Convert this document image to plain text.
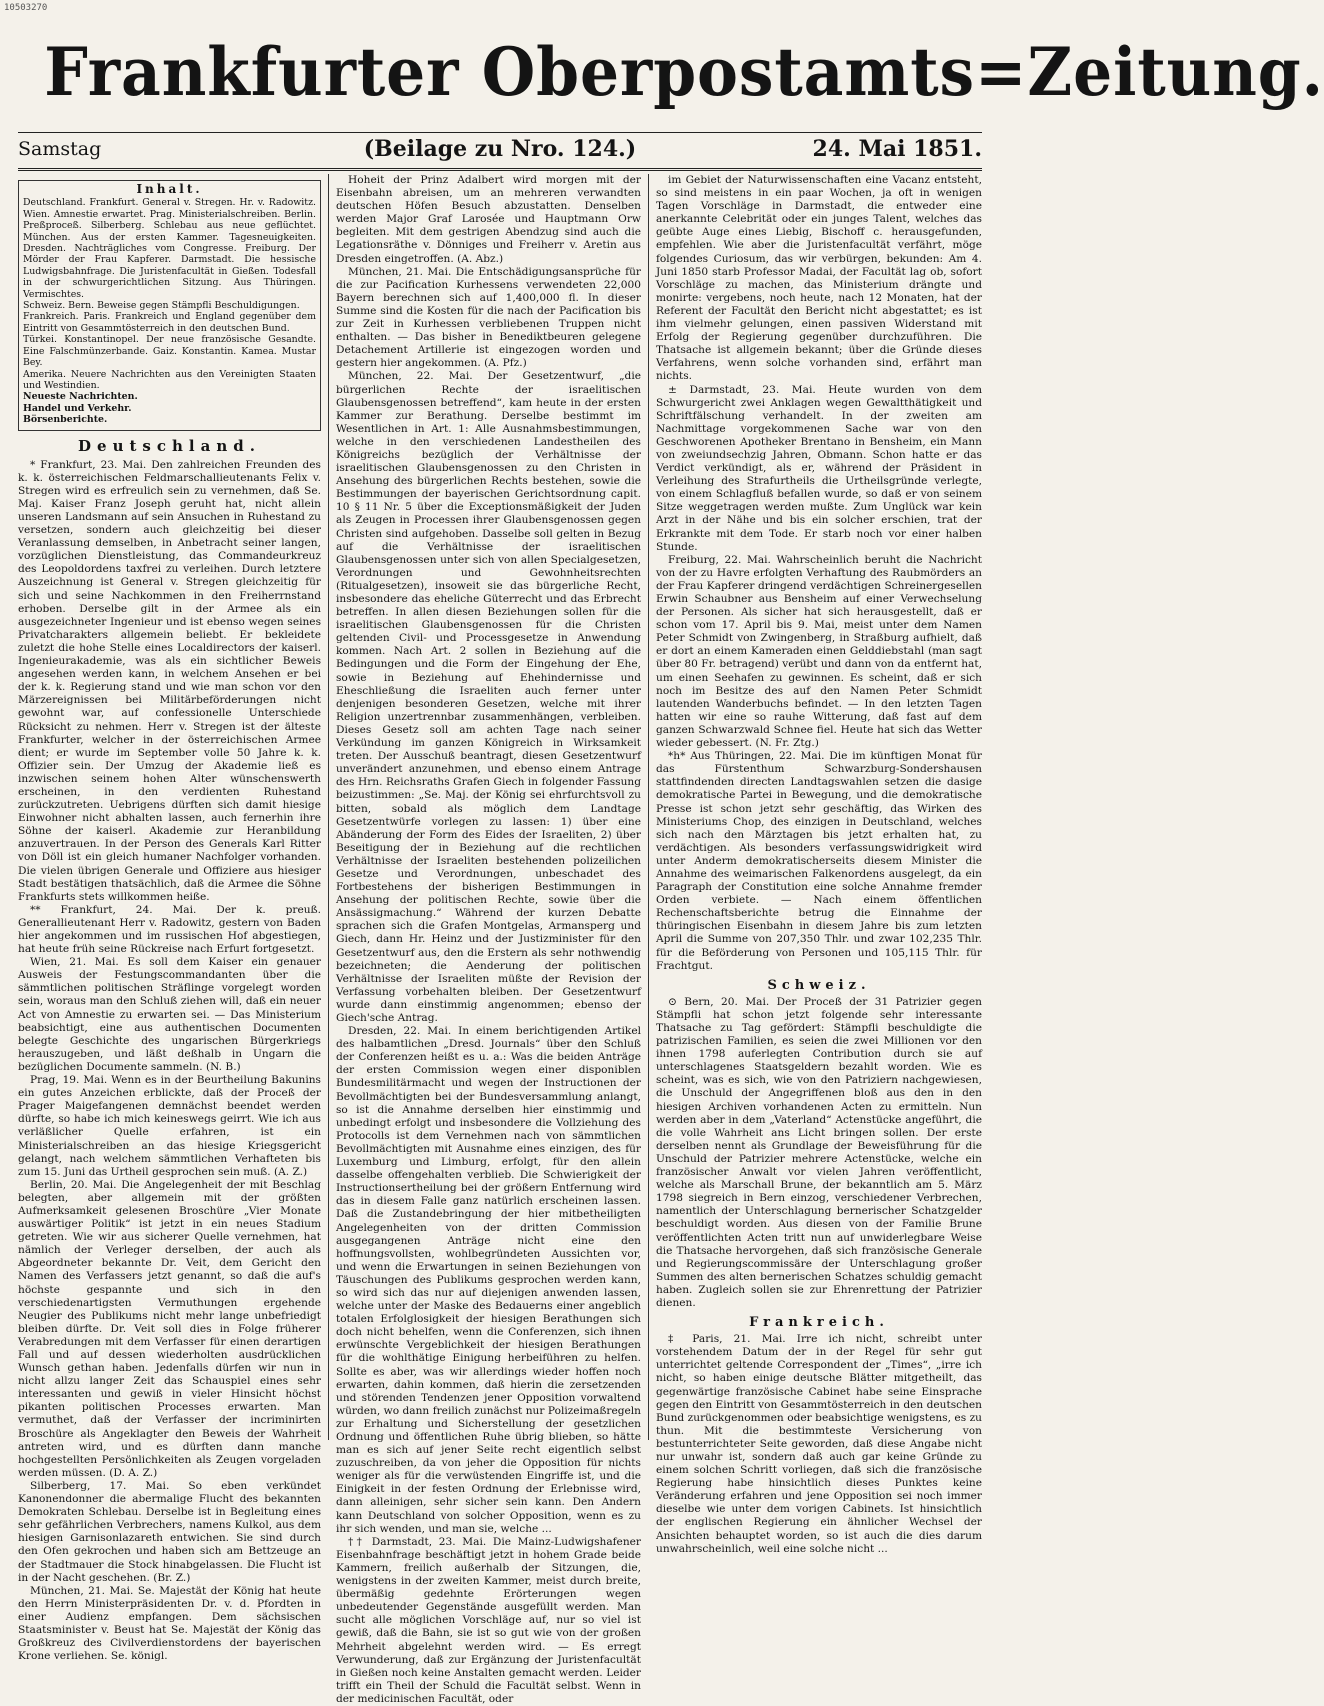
10503270
Frankfurter Oberpostamts=Zeitung.
Samstag	(Beilage zu Nro. 124.)	24. Mai 1851.
Inhalt.

Deutschland. Frankfurt. General v. Stregen. Hr. v. Radowitz. Wien. Amnestie erwartet. Prag. Ministerialschreiben. Berlin. Preßproceß. Silberberg. Schlebau aus neue geflüchtet. München. Aus der ersten Kammer. Tagesneuigkeiten. Dresden. Nachträgliches vom Congresse. Freiburg. Der Mörder der Frau Kapferer. Darmstadt. Die hessische Ludwigsbahnfrage. Die Juristenfacultät in Gießen. Todesfall in der schwurgerichtlichen Sitzung. Aus Thüringen. Vermischtes.

Schweiz. Bern. Beweise gegen Stämpfli Beschuldigungen.

Frankreich. Paris. Frankreich und England gegenüber dem Eintritt von Gesammtösterreich in den deutschen Bund.

Türkei. Konstantinopel. Der neue französische Gesandte. Eine Falschmünzerbande. Gaiz. Konstantin. Kamea. Mustar Bey.

Amerika. Neuere Nachrichten aus den Vereinigten Staaten und Westindien.

Neueste Nachrichten.

Handel und Verkehr.

Börsenberichte.

Deutschland.

* Frankfurt, 23. Mai. Den zahlreichen Freunden des k. k. österreichischen Feldmarschallieutenants Felix v. Stregen wird es erfreulich sein zu vernehmen, daß Se. Maj. Kaiser Franz Joseph geruht hat, nicht allein unseren Landsmann auf sein Ansuchen in Ruhestand zu versetzen, sondern auch gleichzeitig bei dieser Veranlassung demselben, in Anbetracht seiner langen, vorzüglichen Dienstleistung, das Commandeurkreuz des Leopoldordens taxfrei zu verleihen. Durch letztere Auszeichnung ist General v. Stregen gleichzeitig für sich und seine Nachkommen in den Freiherrnstand erhoben. Derselbe gilt in der Armee als ein ausgezeichneter Ingenieur und ist ebenso wegen seines Privatcharakters allgemein beliebt. Er bekleidete zuletzt die hohe Stelle eines Localdirectors der kaiserl. Ingenieurakademie, was als ein sichtlicher Beweis angesehen werden kann, in welchem Ansehen er bei der k. k. Regierung stand und wie man schon vor den Märzereignissen bei Militärbeförderungen nicht gewohnt war, auf confessionelle Unterschiede Rücksicht zu nehmen. Herr v. Stregen ist der älteste Frankfurter, welcher in der österreichischen Armee dient; er wurde im September volle 50 Jahre k. k. Offizier sein. Der Umzug der Akademie ließ es inzwischen seinem hohen Alter wünschenswerth erscheinen, in den verdienten Ruhestand zurückzutreten. Uebrigens dürften sich damit hiesige Einwohner nicht abhalten lassen, auch fernerhin ihre Söhne der kaiserl. Akademie zur Heranbildung anzuvertrauen. In der Person des Generals Karl Ritter von Döll ist ein gleich humaner Nachfolger vorhanden. Die vielen übrigen Generale und Offiziere aus hiesiger Stadt bestätigen thatsächlich, daß die Armee die Söhne Frankfurts stets willkommen heiße.

** Frankfurt, 24. Mai. Der k. preuß. Generallieutenant Herr v. Radowitz, gestern von Baden hier angekommen und im russischen Hof abgestiegen, hat heute früh seine Rückreise nach Erfurt fortgesetzt.

Wien, 21. Mai. Es soll dem Kaiser ein genauer Ausweis der Festungscommandanten über die sämmtlichen politischen Sträflinge vorgelegt worden sein, woraus man den Schluß ziehen will, daß ein neuer Act von Amnestie zu erwarten sei. — Das Ministerium beabsichtigt, eine aus authentischen Documenten belegte Geschichte des ungarischen Bürgerkriegs herauszugeben, und läßt deßhalb in Ungarn die bezüglichen Documente sammeln. (N. B.)

Prag, 19. Mai. Wenn es in der Beurtheilung Bakunins ein gutes Anzeichen erblickte, daß der Proceß der Prager Maigefangenen demnächst beendet werden dürfte, so habe ich mich keineswegs geirrt. Wie ich aus verläßlicher Quelle erfahren, ist ein Ministerialschreiben an das hiesige Kriegsgericht gelangt, nach welchem sämmtlichen Verhafteten bis zum 15. Juni das Urtheil gesprochen sein muß. (A. Z.)

Berlin, 20. Mai. Die Angelegenheit der mit Beschlag belegten, aber allgemein mit der größten Aufmerksamkeit gelesenen Broschüre „Vier Monate auswärtiger Politik“ ist jetzt in ein neues Stadium getreten. Wie wir aus sicherer Quelle vernehmen, hat nämlich der Verleger derselben, der auch als Abgeordneter bekannte Dr. Veit, dem Gericht den Namen des Verfassers jetzt genannt, so daß die auf's höchste gespannte und sich in den verschiedenartigsten Vermuthungen ergehende Neugier des Publikums nicht mehr lange unbefriedigt bleiben dürfte. Dr. Veit soll dies in Folge früherer Verabredungen mit dem Verfasser für einen derartigen Fall und auf dessen wiederholten ausdrücklichen Wunsch gethan haben. Jedenfalls dürfen wir nun in nicht allzu langer Zeit das Schauspiel eines sehr interessanten und gewiß in vieler Hinsicht höchst pikanten politischen Processes erwarten. Man vermuthet, daß der Verfasser der incriminirten Broschüre als Angeklagter den Beweis der Wahrheit antreten wird, und es dürften dann manche hochgestellten Persönlichkeiten als Zeugen vorgeladen werden müssen. (D. A. Z.)

Silberberg, 17. Mai. So eben verkündet Kanonendonner die abermalige Flucht des bekannten Demokraten Schlebau. Derselbe ist in Begleitung eines sehr gefährlichen Verbrechers, namens Kulkol, aus dem hiesigen Garnisonlazareth entwichen. Sie sind durch den Ofen gekrochen und haben sich am Bettzeuge an der Stadtmauer die Stock hinabgelassen. Die Flucht ist in der Nacht geschehen. (Br. Z.)

München, 21. Mai. Se. Majestät der König hat heute den Herrn Ministerpräsidenten Dr. v. d. Pfordten in einer Audienz empfangen. Dem sächsischen Staatsminister v. Beust hat Se. Majestät der König das Großkreuz des Civilverdienstordens der bayerischen Krone verliehen. Se. königl.

Hoheit der Prinz Adalbert wird morgen mit der Eisenbahn abreisen, um an mehreren verwandten deutschen Höfen Besuch abzustatten. Denselben werden Major Graf Larosée und Hauptmann Orw begleiten. Mit dem gestrigen Abendzug sind auch die Legationsräthe v. Dönniges und Freiherr v. Aretin aus Dresden eingetroffen. (A. Abz.)

München, 21. Mai. Die Entschädigungsansprüche für die zur Pacification Kurhessens verwendeten 22,000 Bayern berechnen sich auf 1,400,000 fl. In dieser Summe sind die Kosten für die nach der Pacification bis zur Zeit in Kurhessen verbliebenen Truppen nicht enthalten. — Das bisher in Benediktbeuren gelegene Detachement Artillerie ist eingezogen worden und gestern hier angekommen. (A. Pfz.)

München, 22. Mai. Der Gesetzentwurf, „die bürgerlichen Rechte der israelitischen Glaubensgenossen betreffend“, kam heute in der ersten Kammer zur Berathung. Derselbe bestimmt im Wesentlichen in Art. 1: Alle Ausnahmsbestimmungen, welche in den verschiedenen Landestheilen des Königreichs bezüglich der Verhältnisse der israelitischen Glaubensgenossen zu den Christen in Ansehung des bürgerlichen Rechts bestehen, sowie die Bestimmungen der bayerischen Gerichtsordnung capit. 10 § 11 Nr. 5 über die Exceptionsmäßigkeit der Juden als Zeugen in Processen ihrer Glaubensgenossen gegen Christen sind aufgehoben. Dasselbe soll gelten in Bezug auf die Verhältnisse der israelitischen Glaubensgenossen unter sich von allen Specialgesetzen, Verordnungen und Gewohnheitsrechten (Ritualgesetzen), insoweit sie das bürgerliche Recht, insbesondere das eheliche Güterrecht und das Erbrecht betreffen. In allen diesen Beziehungen sollen für die israelitischen Glaubensgenossen für die Christen geltenden Civil- und Processgesetze in Anwendung kommen. Nach Art. 2 sollen in Beziehung auf die Bedingungen und die Form der Eingehung der Ehe, sowie in Beziehung auf Ehehindernisse und Eheschließung die Israeliten auch ferner unter denjenigen besonderen Gesetzen, welche mit ihrer Religion unzertrennbar zusammenhängen, verbleiben. Dieses Gesetz soll am achten Tage nach seiner Verkündung im ganzen Königreich in Wirksamkeit treten. Der Ausschuß beantragt, diesen Gesetzentwurf unverändert anzunehmen, und ebenso einem Antrage des Hrn. Reichsraths Grafen Giech in folgender Fassung beizustimmen: „Se. Maj. der König sei ehrfurchtsvoll zu bitten, sobald als möglich dem Landtage Gesetzentwürfe vorlegen zu lassen: 1) über eine Abänderung der Form des Eides der Israeliten, 2) über Beseitigung der in Beziehung auf die rechtlichen Verhältnisse der Israeliten bestehenden polizeilichen Gesetze und Verordnungen, unbeschadet des Fortbestehens der bisherigen Bestimmungen in Ansehung der politischen Rechte, sowie über die Ansässigmachung.“ Während der kurzen Debatte sprachen sich die Grafen Montgelas, Armansperg und Giech, dann Hr. Heinz und der Justizminister für den Gesetzentwurf aus, den die Erstern als sehr nothwendig bezeichneten; die Aenderung der politischen Verhältnisse der Israeliten müßte der Revision der Verfassung vorbehalten bleiben. Der Gesetzentwurf wurde dann einstimmig angenommen; ebenso der Giech'sche Antrag.

Dresden, 22. Mai. In einem berichtigenden Artikel des halbamtlichen „Dresd. Journals“ über den Schluß der Conferenzen heißt es u. a.: Was die beiden Anträge der ersten Commission wegen einer disponiblen Bundesmilitärmacht und wegen der Instructionen der Bevollmächtigten bei der Bundesversammlung anlangt, so ist die Annahme derselben hier einstimmig und unbedingt erfolgt und insbesondere die Vollziehung des Protocolls ist dem Vernehmen nach von sämmtlichen Bevollmächtigten mit Ausnahme eines einzigen, des für Luxemburg und Limburg, erfolgt, für den allein dasselbe offengehalten verblieb. Die Schwierigkeit der Instructionsertheilung bei der größern Entfernung wird das in diesem Falle ganz natürlich erscheinen lassen. Daß die Zustandebringung der hier mitbetheiligten Angelegenheiten von der dritten Commission ausgegangenen Anträge nicht eine den hoffnungsvollsten, wohlbegründeten Aussichten vor, und wenn die Erwartungen in seinen Beziehungen von Täuschungen des Publikums gesprochen werden kann, so wird sich das nur auf diejenigen anwenden lassen, welche unter der Maske des Bedauerns einer angeblich totalen Erfolglosigkeit der hiesigen Berathungen sich doch nicht behelfen, wenn die Conferenzen, sich ihnen erwünschte Vergeblichkeit der hiesigen Berathungen für die wohlthätige Einigung herbeiführen zu helfen. Sollte es aber, was wir allerdings wieder hoffen noch erwarten, dahin kommen, daß hierin die zersetzenden und störenden Tendenzen jener Opposition vorwaltend würden, wo dann freilich zunächst nur Polizeimaßregeln zur Erhaltung und Sicherstellung der gesetzlichen Ordnung und öffentlichen Ruhe übrig blieben, so hätte man es sich auf jener Seite recht eigentlich selbst zuzuschreiben, da von jeher die Opposition für nichts weniger als für die verwüstenden Eingriffe ist, und die Einigkeit in der festen Ordnung der Erlebnisse wird, dann alleinigen, sehr sicher sein kann. Den Andern kann Deutschland von solcher Opposition, wenn es zu ihr sich wenden, und man sie, welche ...

†† Darmstadt, 23. Mai. Die Mainz-Ludwigshafener Eisenbahnfrage beschäftigt jetzt in hohem Grade beide Kammern, freilich außerhalb der Sitzungen, die, wenigstens in der zweiten Kammer, meist durch breite, übermäßig gedehnte Erörterungen wegen unbedeutender Gegenstände ausgefüllt werden. Man sucht alle möglichen Vorschläge auf, nur so viel ist gewiß, daß die Bahn, sie ist so gut wie von der großen Mehrheit abgelehnt werden wird. — Es erregt Verwunderung, daß zur Ergänzung der Juristenfacultät in Gießen noch keine Anstalten gemacht werden. Leider trifft ein Theil der Schuld die Facultät selbst. Wenn in der medicinischen Facultät, oder

im Gebiet der Naturwissenschaften eine Vacanz entsteht, so sind meistens in ein paar Wochen, ja oft in wenigen Tagen Vorschläge in Darmstadt, die entweder eine anerkannte Celebrität oder ein junges Talent, welches das geübte Auge eines Liebig, Bischoff c. herausgefunden, empfehlen. Wie aber die Juristenfacultät verfährt, möge folgendes Curiosum, das wir verbürgen, bekunden: Am 4. Juni 1850 starb Professor Madai, der Facultät lag ob, sofort Vorschläge zu machen, das Ministerium drängte und monirte: vergebens, noch heute, nach 12 Monaten, hat der Referent der Facultät den Bericht nicht abgestattet; es ist ihm vielmehr gelungen, einen passiven Widerstand mit Erfolg der Regierung gegenüber durchzuführen. Die Thatsache ist allgemein bekannt; über die Gründe dieses Verfahrens, wenn solche vorhanden sind, erfährt man nichts.

± Darmstadt, 23. Mai. Heute wurden von dem Schwurgericht zwei Anklagen wegen Gewaltthätigkeit und Schriftfälschung verhandelt. In der zweiten am Nachmittage vorgekommenen Sache war von den Geschworenen Apotheker Brentano in Bensheim, ein Mann von zweiundsechzig Jahren, Obmann. Schon hatte er das Verdict verkündigt, als er, während der Präsident in Verleihung des Strafurtheils die Urtheilsgründe verlegte, von einem Schlagfluß befallen wurde, so daß er von seinem Sitze weggetragen werden mußte. Zum Unglück war kein Arzt in der Nähe und bis ein solcher erschien, trat der Erkrankte mit dem Tode. Er starb noch vor einer halben Stunde.

Freiburg, 22. Mai. Wahrscheinlich beruht die Nachricht von der zu Havre erfolgten Verhaftung des Raubmörders an der Frau Kapferer dringend verdächtigen Schreinergesellen Erwin Schaubner aus Bensheim auf einer Verwechselung der Personen. Als sicher hat sich herausgestellt, daß er schon vom 17. April bis 9. Mai, meist unter dem Namen Peter Schmidt von Zwingenberg, in Straßburg aufhielt, daß er dort an einem Kameraden einen Gelddiebstahl (man sagt über 80 Fr. betragend) verübt und dann von da entfernt hat, um einen Seehafen zu gewinnen. Es scheint, daß er sich noch im Besitze des auf den Namen Peter Schmidt lautenden Wanderbuchs befindet. — In den letzten Tagen hatten wir eine so rauhe Witterung, daß fast auf dem ganzen Schwarzwald Schnee fiel. Heute hat sich das Wetter wieder gebessert. (N. Fr. Ztg.)

*h* Aus Thüringen, 22. Mai. Die im künftigen Monat für das Fürstenthum Schwarzburg-Sondershausen stattfindenden directen Landtagswahlen setzen die dasige demokratische Partei in Bewegung, und die demokratische Presse ist schon jetzt sehr geschäftig, das Wirken des Ministeriums Chop, des einzigen in Deutschland, welches sich nach den Märztagen bis jetzt erhalten hat, zu verdächtigen. Als besonders verfassungswidrigkeit wird unter Anderm demokratischerseits diesem Minister die Annahme des weimarischen Falkenordens ausgelegt, da ein Paragraph der Constitution eine solche Annahme fremder Orden verbiete. — Nach einem öffentlichen Rechenschaftsberichte betrug die Einnahme der thüringischen Eisenbahn in diesem Jahre bis zum letzten April die Summe von 207,350 Thlr. und zwar 102,235 Thlr. für die Beförderung von Personen und 105,115 Thlr. für Frachtgut.

Schweiz.

⊙ Bern, 20. Mai. Der Proceß der 31 Patrizier gegen Stämpfli hat schon jetzt folgende sehr interessante Thatsache zu Tag gefördert: Stämpfli beschuldigte die patrizischen Familien, es seien die zwei Millionen vor den ihnen 1798 auferlegten Contribution durch sie auf unterschlagenes Staatsgeldern bezahlt worden. Wie es scheint, was es sich, wie von den Patriziern nachgewiesen, die Unschuld der Angegriffenen bloß aus den in den hiesigen Archiven vorhandenen Acten zu ermitteln. Nun werden aber in dem „Vaterland“ Actenstücke angeführt, die die volle Wahrheit ans Licht bringen sollen. Der erste derselben nennt als Grundlage der Beweisführung für die Unschuld der Patrizier mehrere Actenstücke, welche ein französischer Anwalt vor vielen Jahren veröffentlicht, welche als Marschall Brune, der bekanntlich am 5. März 1798 siegreich in Bern einzog, verschiedener Verbrechen, namentlich der Unterschlagung bernerischer Schatzgelder beschuldigt worden. Aus diesen von der Familie Brune veröffentlichten Acten tritt nun auf unwiderlegbare Weise die Thatsache hervorgehen, daß sich französische Generale und Regierungscommissäre der Unterschlagung großer Summen des alten bernerischen Schatzes schuldig gemacht haben. Zugleich sollen sie zur Ehrenrettung der Patrizier dienen.

Frankreich.

‡ Paris, 21. Mai. Irre ich nicht, schreibt unter vorstehendem Datum der in der Regel für sehr gut unterrichtet geltende Correspondent der „Times“, „irre ich nicht, so haben einige deutsche Blätter mitgetheilt, das gegenwärtige französische Cabinet habe seine Einsprache gegen den Eintritt von Gesammtösterreich in den deutschen Bund zurückgenommen oder beabsichtige wenigstens, es zu thun. Mit die bestimmteste Versicherung von bestunterrichteter Seite geworden, daß diese Angabe nicht nur unwahr ist, sondern daß auch gar keine Gründe zu einem solchen Schritt vorliegen, daß sich die französische Regierung habe hinsichtlich dieses Punktes keine Veränderung erfahren und jene Opposition sei noch immer dieselbe wie unter dem vorigen Cabinets. Ist hinsichtlich der englischen Regierung ein ähnlicher Wechsel der Ansichten behauptet worden, so ist auch die dies darum unwahrscheinlich, weil eine solche nicht ...
